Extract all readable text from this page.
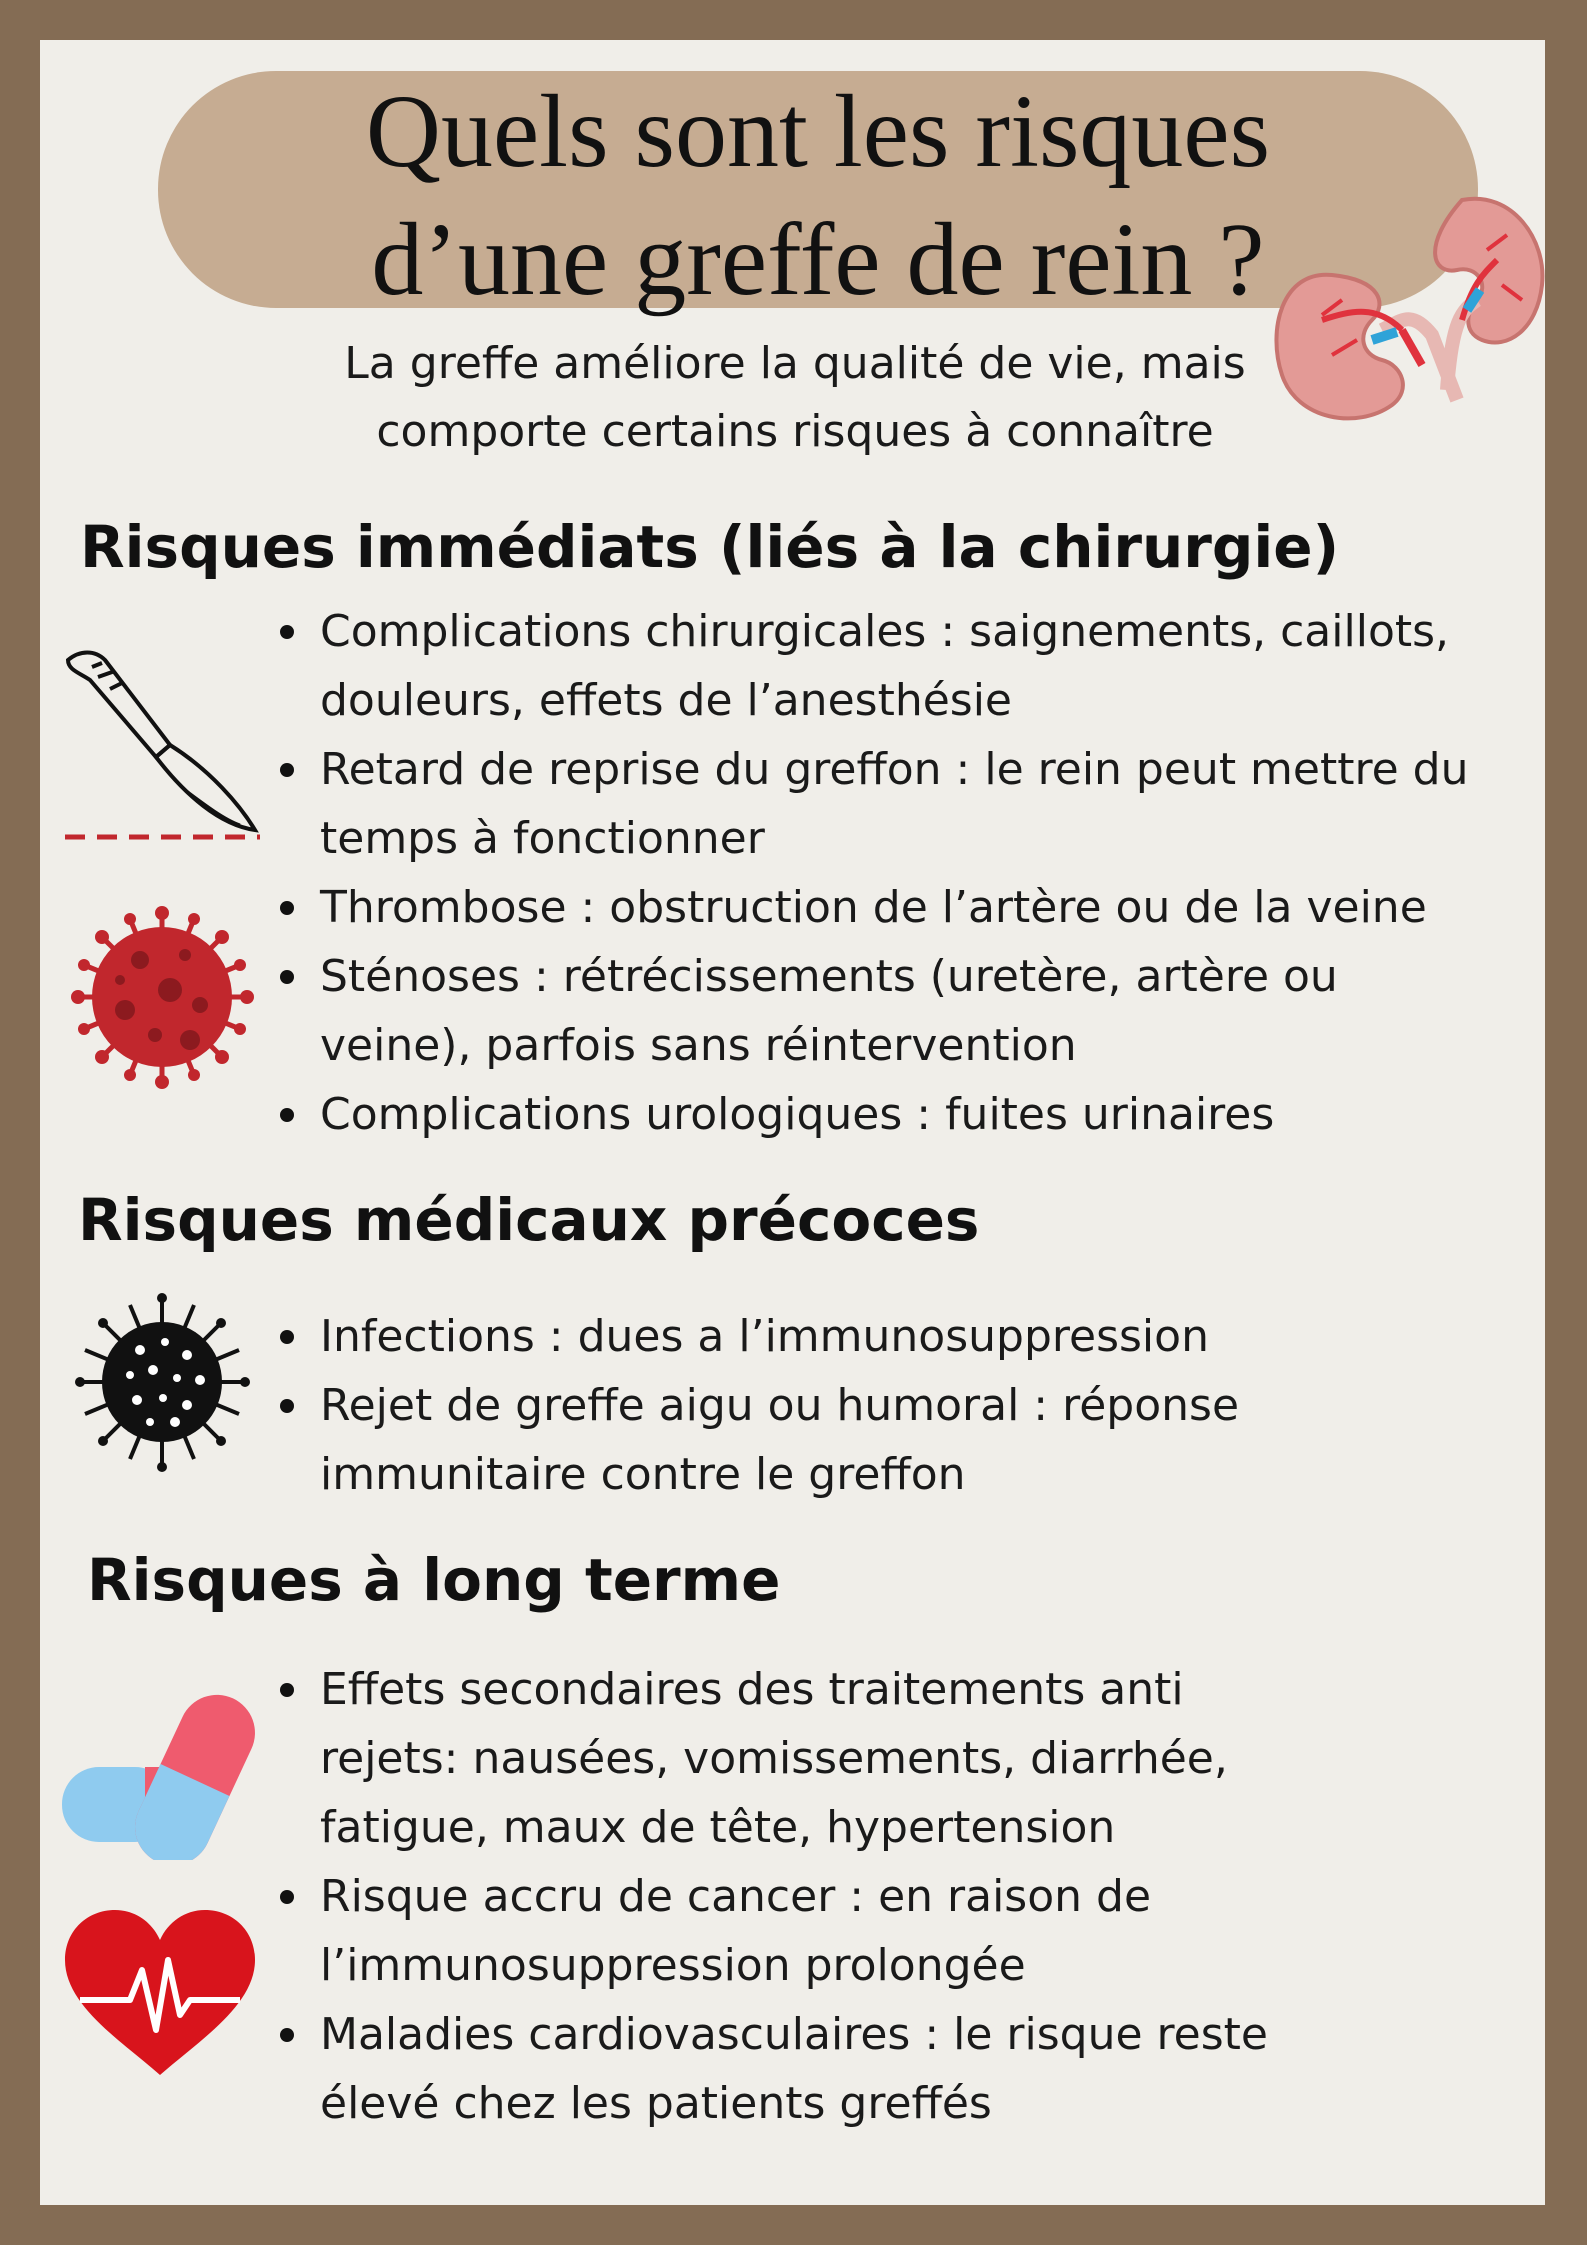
Quels sont les risques
d’une greffe de rein ?

La greffe améliore la qualité de vie, mais
comporte certains risques à connaître

Risques immédiats (liés à la chirurgie)
Complications chirurgicales : saignements, caillots,
douleurs, effets de l’anesthésie
Retard de reprise du greffon : le rein peut mettre du
temps à fonctionner
Thrombose : obstruction de l’artère ou de la veine
Sténoses : rétrécissements (uretère, artère ou
veine), parfois sans réintervention
Complications urologiques : fuites urinaires
Risques médicaux précoces
Infections : dues a l’immunosuppression
Rejet de greffe aigu ou humoral : réponse
immunitaire contre le greffon
Risques à long terme
Effets secondaires des traitements anti
rejets: nausées, vomissements, diarrhée,
fatigue, maux de tête, hypertension
Risque accru de cancer : en raison de
l’immunosuppression prolongée
Maladies cardiovasculaires : le risque reste
élevé chez les patients greffés
